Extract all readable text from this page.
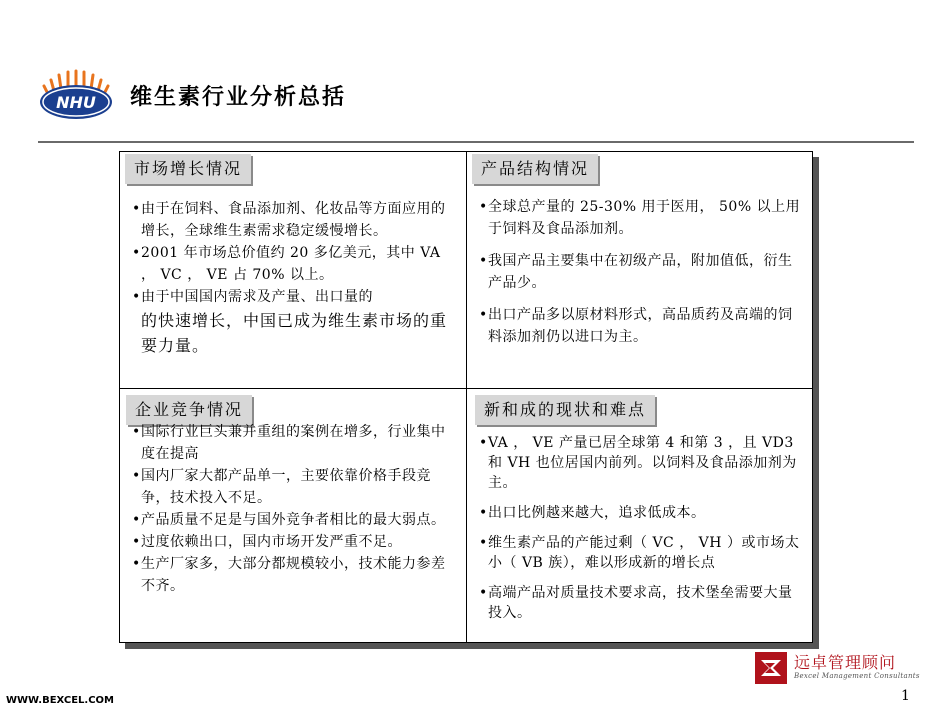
NHU 维生素行业分析总括
市场增长情况
• 由于在饲料、食品添加剂、化妆品等方面应用的增长，全球维生素需求稳定缓慢增长。
• 2001 年市场总价值约 20 多亿美元，其中 VA ， VC ， VE 占 70% 以上。
• 由于中国国内需求及产量、出口量的
的快速增长，中国已成为维生素市场的重要力量。
产品结构情况
• 全球总产量的 25-30% 用于医用， 50% 以上用于饲料及食品添加剂。
• 我国产品主要集中在初级产品，附加值低，衍生产品少。
• 出口产品多以原材料形式，高品质药及高端的饲料添加剂仍以进口为主。
企业竞争情况
• 国际行业巨头兼并重组的案例在增多，行业集中度在提高
• 国内厂家大都产品单一，主要依靠价格手段竞争，技术投入不足。
• 产品质量不足是与国外竞争者相比的最大弱点。
• 过度依赖出口，国内市场开发严重不足。
• 生产厂家多，大部分都规模较小，技术能力参差不齐。
新和成的现状和难点
• VA ， VE 产量已居全球第 4 和第 3 ，且 VD3 和 VH 也位居国内前列。以饲料及食品添加剂为主。
• 出口比例越来越大，追求低成本。
• 维生素产品的产能过剩（ VC ， VH ）或市场太小（ VB 族），难以形成新的增长点
• 高端产品对质量技术要求高，技术堡垒需要大量投入。
远卓管理顾问
Bexcel Management Consultants
WWW.BEXCEL.COM	1
